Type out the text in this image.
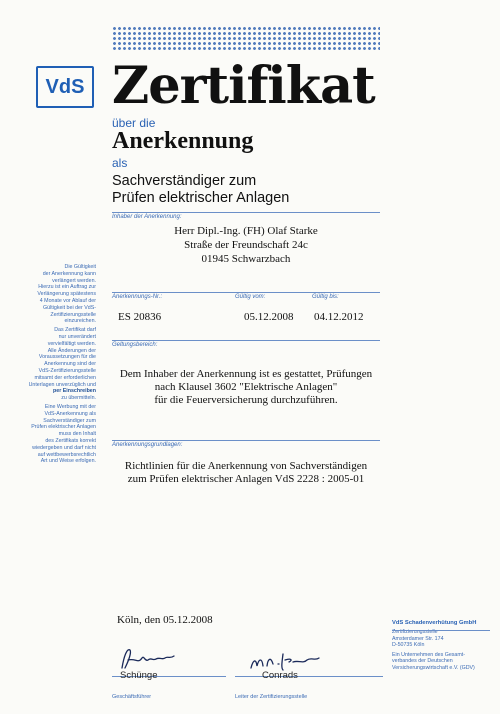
VdS Zertifikat
über die
Anerkennung
als
Sachverständiger zum
Prüfen elektrischer Anlagen
Inhaber der Anerkennung:
Herr Dipl.-Ing. (FH) Olaf Starke
Straße der Freundschaft 24c
01945 Schwarzbach
Anerkennungs-Nr.:	Gültig vom:	Gültig bis:
ES 20836	05.12.2008 04.12.2012
Geltungsbereich:
Dem Inhaber der Anerkennung ist es gestattet, Prüfungen
nach Klausel 3602 "Elektrische Anlagen"
für die Feuerversicherung durchzuführen.
Anerkennungsgrundlagen:
Richtlinien für die Anerkennung von Sachverständigen
zum Prüfen elektrischer Anlagen VdS 2228 : 2005-01

Die Gültigkeit
der Anerkennung kann
verlängert werden.
Hierzu ist ein Auftrag zur
Verlängerung spätestens
4 Monate vor Ablauf der
Gültigkeit bei der VdS-
Zertifizierungsstelle
einzureichen.

Das Zertifikat darf
nur unverändert
vervielfältigt werden.
Alle Änderungen der
Voraussetzungen für die
Anerkennung sind der
VdS-Zertifizierungsstelle
mitsamt der erforderlichen
Unterlagen unverzüglich und
per Einschreiben
zu übermitteln.

Eine Werbung mit der
VdS-Anerkennung als
Sachverständiger zum
Prüfen elektrischer Anlagen
muss den Inhalt
des Zertifikats korrekt
wiedergeben und darf nicht
auf wettbewerbsrechtlich
Art und Weise erfolgen.

Köln, den 05.12.2008
Schünge	Conrads
Geschäftsführer	Leiter der Zertifizierungsstelle
VdS Schadenverhütung GmbH
Zertifizierungsstelle
Amsterdamer Str. 174
D-50735 Köln
Ein Unternehmen des Gesamt-
verbandes der Deutschen
Versicherungswirtschaft e.V. (GDV)
